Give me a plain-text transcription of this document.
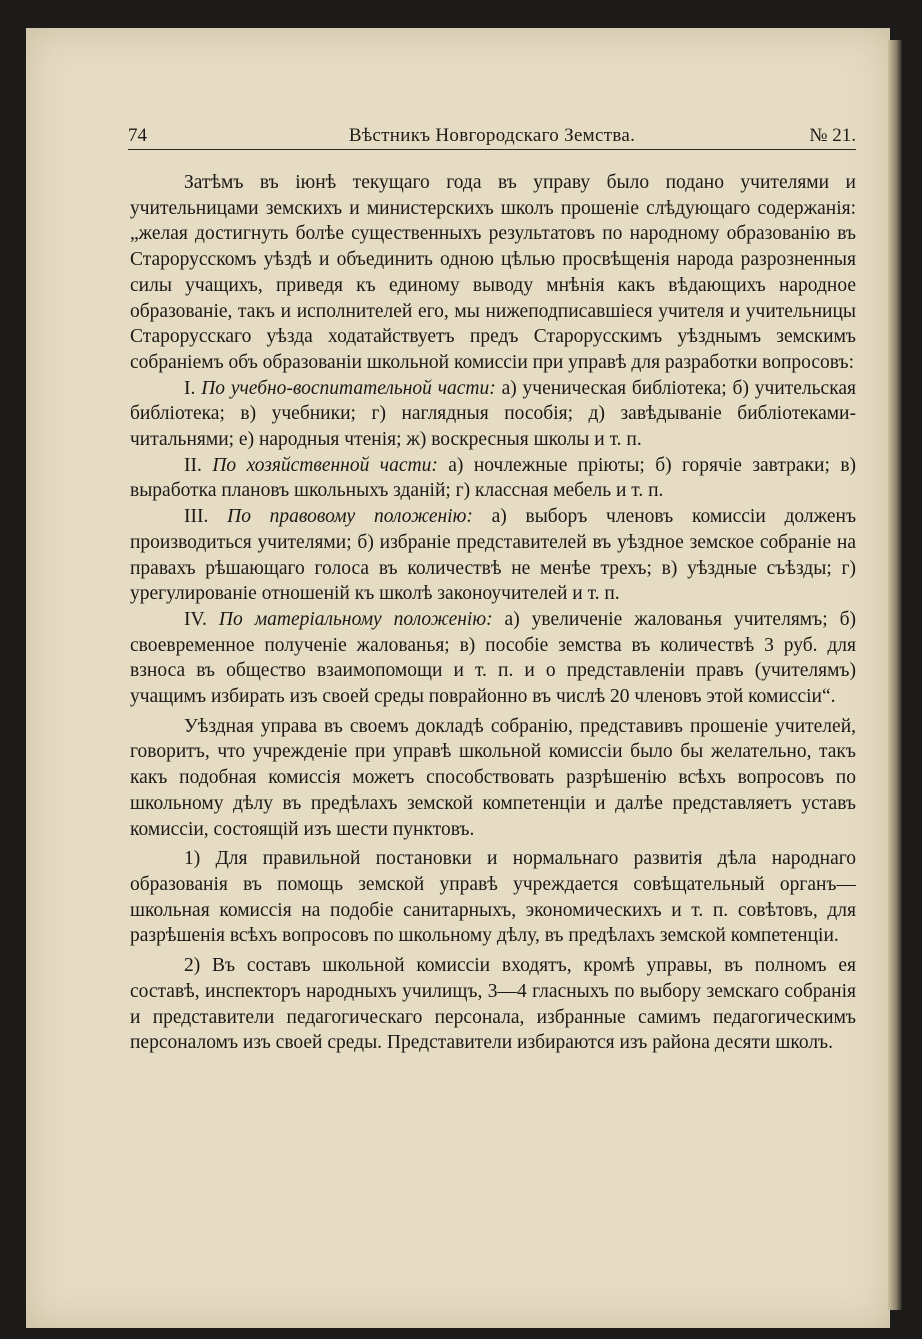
74	Вѣстникъ Новгородскаго Земства.	№ 21.

Затѣмъ въ іюнѣ текущаго года въ управу было подано учителями и учительницами земскихъ и министерскихъ школъ прошеніе слѣдующаго содержанія: „желая достигнуть болѣе существенныхъ результатовъ по народному образованію въ Старорусскомъ уѣздѣ и объединить одною цѣлью просвѣщенія народа разрозненныя силы учащихъ, приведя къ единому выводу мнѣнія какъ вѣдающихъ народное образованіе, такъ и исполнителей его, мы нижеподписавшіеся учителя и учительницы Старорусскаго уѣзда ходатайствуетъ предъ Старорусскимъ уѣзднымъ земскимъ собраніемъ объ образованіи школьной комиссіи при управѣ для разработки вопросовъ:

I. По учебно-воспитательной части: а) ученическая библіотека; б) учительская библіотека; в) учебники; г) наглядныя пособія; д) завѣдываніе библіотеками-читальнями; е) народныя чтенія; ж) воскресныя школы и т. п.

II. По хозяйственной части: а) ночлежные пріюты; б) горячіе завтраки; в) выработка плановъ школьныхъ зданій; г) классная мебель и т. п.

III. По правовому положенію: а) выборъ членовъ комиссіи долженъ производиться учителями; б) избраніе представителей въ уѣздное земское собраніе на правахъ рѣшающаго голоса въ количествѣ не менѣе трехъ; в) уѣздные съѣзды; г) урегулированіе отношеній къ школѣ законоучителей и т. п.

IV. По матеріальному положенію: а) увеличеніе жалованья учителямъ; б) своевременное полученіе жалованья; в) пособіе земства въ количествѣ 3 руб. для взноса въ общество взаимопомощи и т. п. и о представленіи правъ (учителямъ) учащимъ избирать изъ своей среды поврайонно въ числѣ 20 членовъ этой комиссіи“.

Уѣздная управа въ своемъ докладѣ собранію, представивъ прошеніе учителей, говоритъ, что учрежденіе при управѣ школьной комиссіи было бы желательно, такъ какъ подобная комиссія можетъ способствовать разрѣшенію всѣхъ вопросовъ по школьному дѣлу въ предѣлахъ земской компетенціи и далѣе представляетъ уставъ комиссіи, состоящій изъ шести пунктовъ.

1) Для правильной постановки и нормальнаго развитія дѣла народнаго образованія въ помощь земской управѣ учреждается совѣщательный органъ—школьная комиссія на подобіе санитарныхъ, экономическихъ и т. п. совѣтовъ, для разрѣшенія всѣхъ вопросовъ по школьному дѣлу, въ предѣлахъ земской компетенціи.

2) Въ составъ школьной комиссіи входятъ, кромѣ управы, въ полномъ ея составѣ, инспекторъ народныхъ училищъ, 3—4 гласныхъ по выбору земскаго собранія и представители педагогическаго персонала, избранные самимъ педагогическимъ персоналомъ изъ своей среды. Представители избираются изъ района десяти школъ.
